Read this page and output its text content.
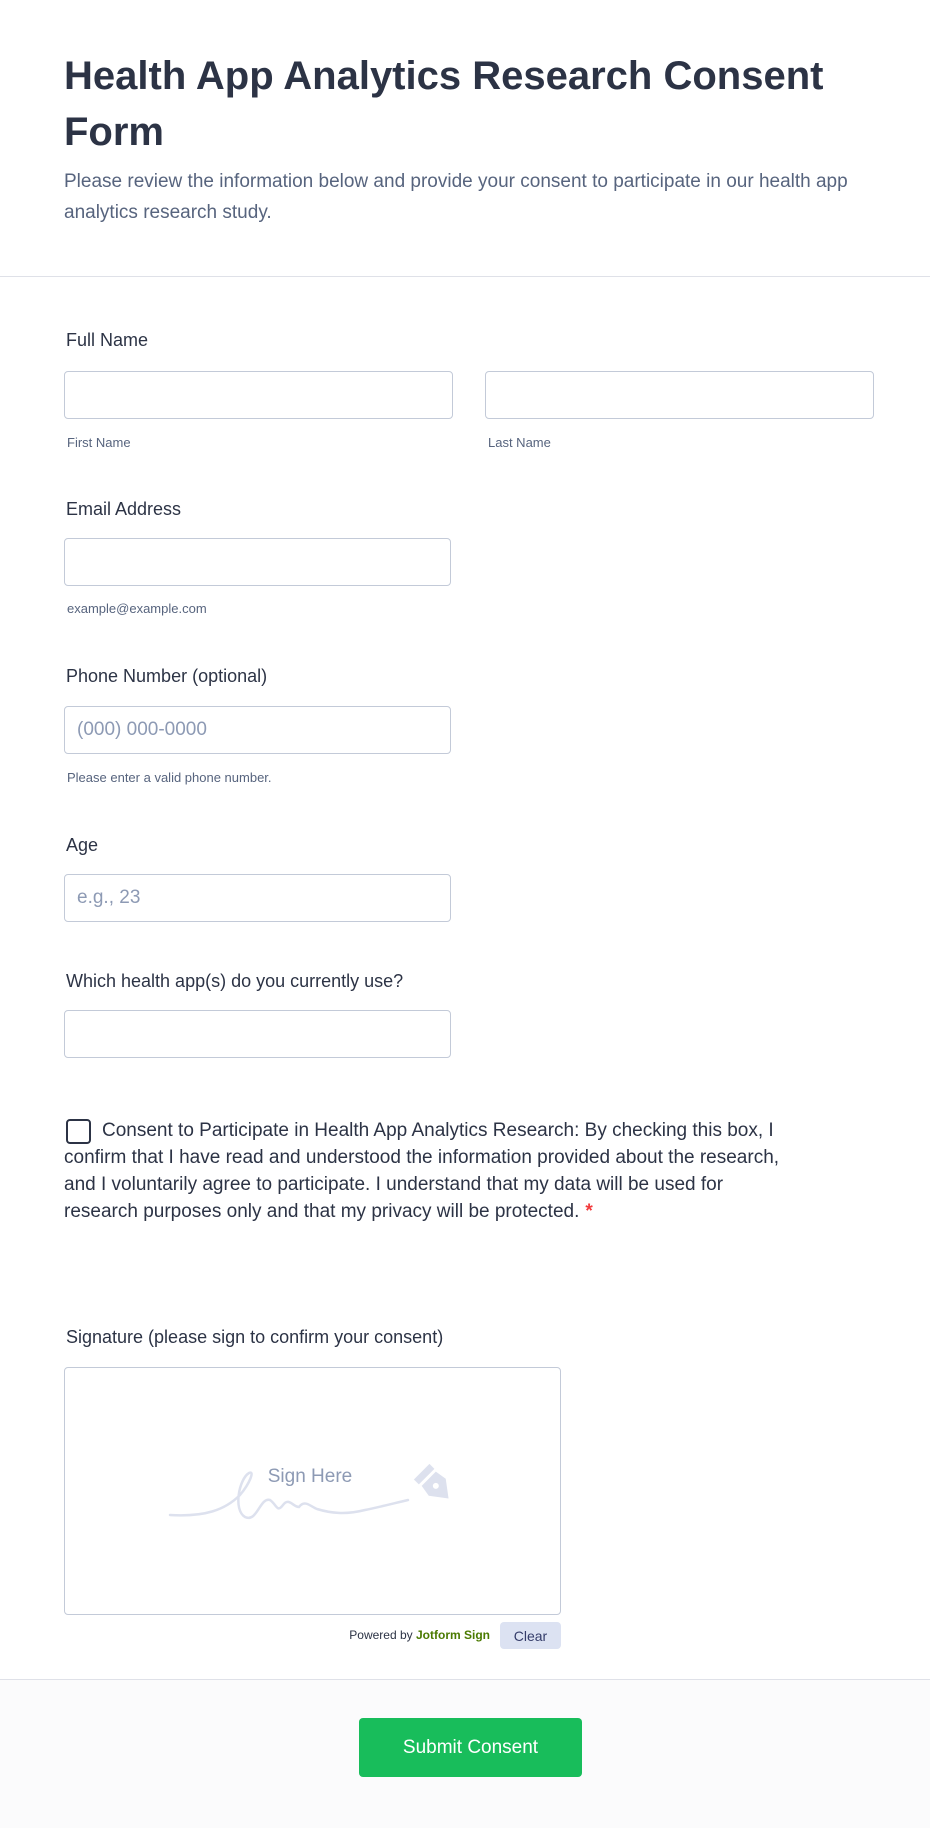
Health App Analytics Research Consent Form

Please review the information below and provide your consent to participate in our health app analytics research study.

Full Name
First Name	Last Name
Email Address
example@example.com
Phone Number (optional)
(000) 000-0000
Please enter a valid phone number.
Age
e.g., 23
Which health app(s) do you currently use?
Consent to Participate in Health App Analytics Research: By checking this box, I confirm that I have read and understood the information provided about the research, and I voluntarily agree to participate. I understand that my data will be used for research purposes only and that my privacy will be protected. *
Signature (please sign to confirm your consent)
Sign Here
Powered by Jotform Sign	Clear
Submit Consent
